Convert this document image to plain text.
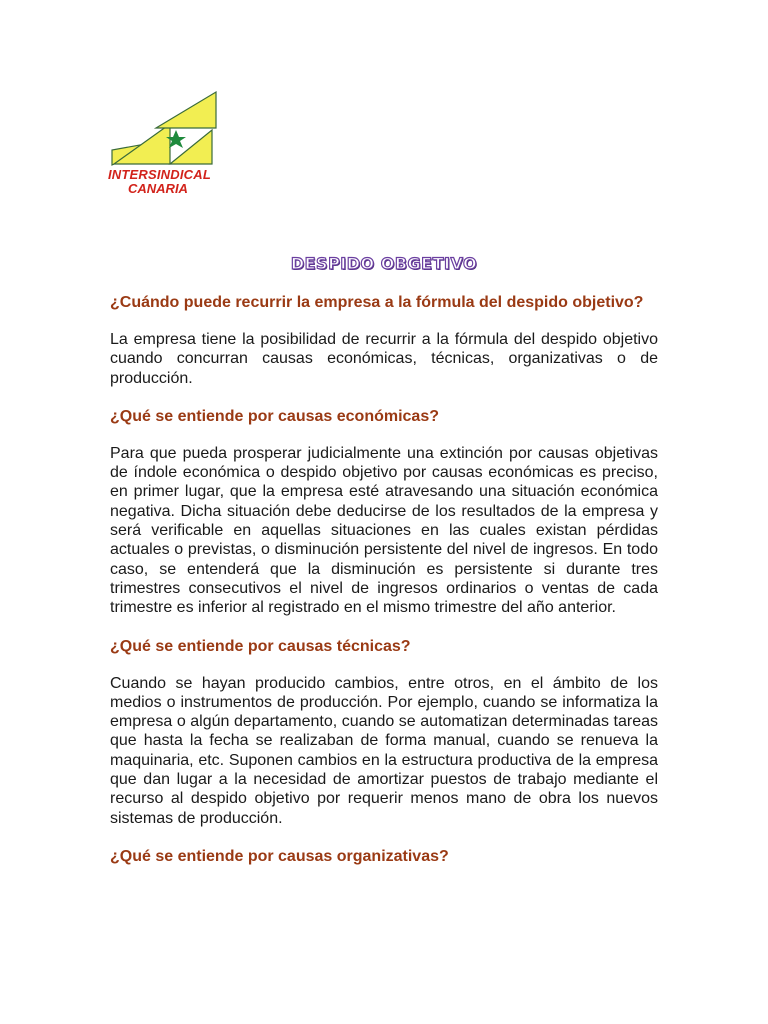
INTERSINDICAL
CANARIA
DESPIDO OBGETIVO
¿Cuándo puede recurrir la empresa a la fórmula del despido objetivo?
La empresa tiene la posibilidad de recurrir a la fórmula del despido objetivo cuando concurran causas económicas, técnicas, organizativas o de producción.
¿Qué se entiende por causas económicas?
Para que pueda prosperar judicialmente una extinción por causas objetivas de índole económica o despido objetivo por causas económicas es preciso, en primer lugar, que la empresa esté atravesando una situación económica negativa. Dicha situación debe deducirse de los resultados de la empresa y será verificable en aquellas situaciones en las cuales existan pérdidas actuales o previstas, o disminución persistente del nivel de ingresos. En todo caso, se entenderá que la disminución es persistente si durante tres trimestres consecutivos el nivel de ingresos ordinarios o ventas de cada trimestre es inferior al registrado en el mismo trimestre del año anterior.
¿Qué se entiende por causas técnicas?
Cuando se hayan producido cambios, entre otros, en el ámbito de los medios o instrumentos de producción. Por ejemplo, cuando se informatiza la empresa o algún departamento, cuando se automatizan determinadas tareas que hasta la fecha se realizaban de forma manual, cuando se renueva la maquinaria, etc. Suponen cambios en la estructura productiva de la empresa que dan lugar a la necesidad de amortizar puestos de trabajo mediante el recurso al despido objetivo por requerir menos mano de obra los nuevos sistemas de producción.
¿Qué se entiende por causas organizativas?
